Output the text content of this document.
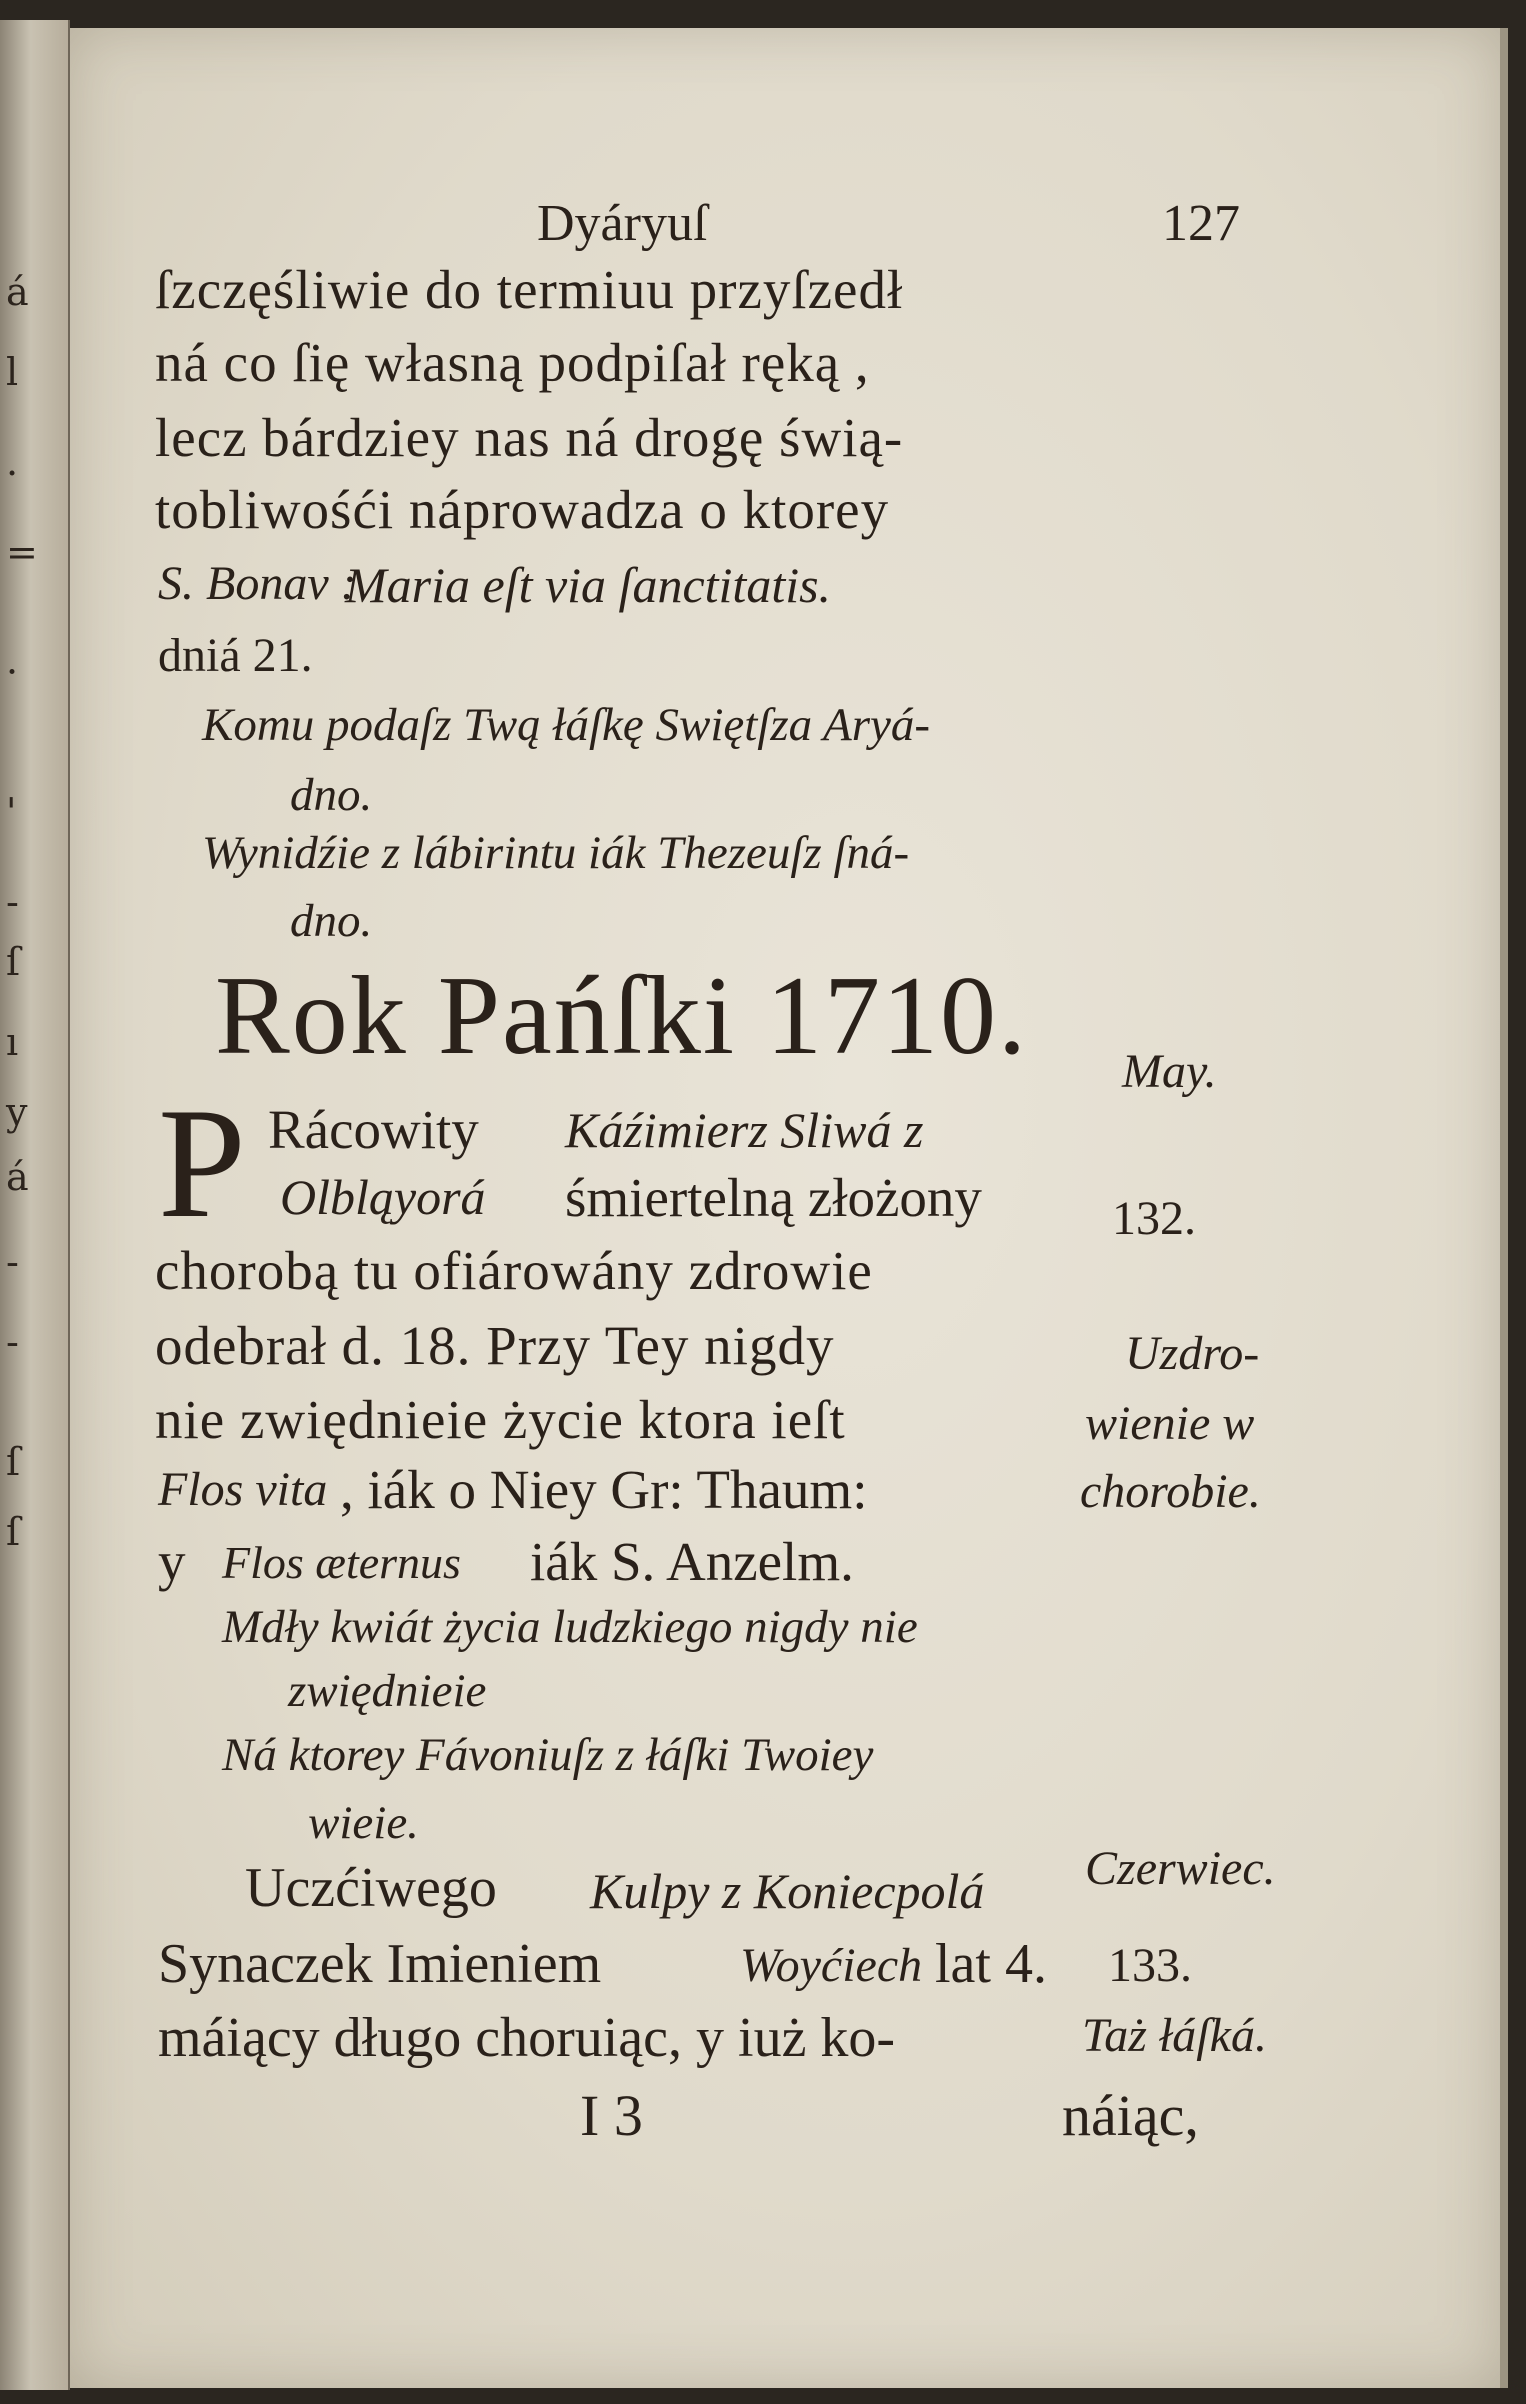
á
l
.
=
·
'
-
ſ
ı
y
á
-
-
ſ
ſ
Dyáryuſ	127
ſzczęśliwie do termiuu przyſzedł
ná co ſię własną podpiſał ręką ,
lecz bárdziey nas ná drogę świą-
tobliwośći náprowadza o ktorey
S. Bonav :
Maria eſt via ſanctitatis.
dniá 21.
Komu podaſz Twą łáſkę Swiętſza Aryá-
dno.
Wynidźie z lábirintu iák Thezeuſz ſná-
dno.
Rok Pańſki 1710.
P Rácowity Káźimierz Sliwá z
Olbląyorá śmiertelną złożony
chorobą tu ofiárowány zdrowie
odebrał d. 18. Przy Tey nigdy
nie zwiędnieie życie ktora ieſt
Flos vita , iák o Niey Gr: Thaum:
y Flos æternus iák S. Anzelm.
Mdły kwiát życia ludzkiego nigdy nie
zwiędnieie
Ná ktorey Fávoniuſz z łáſki Twoiey
wieie.
Uczćiwego Kulpy z Koniecpolá
Synaczek Imieniem	Woyćiech lat 4.
máiący długo choruiąc, y iuż ko-
May.
132.
Uzdro-
wienie w
chorobie.
Czerwiec.
133.
Taż łáſká.
I 3	náiąc,
